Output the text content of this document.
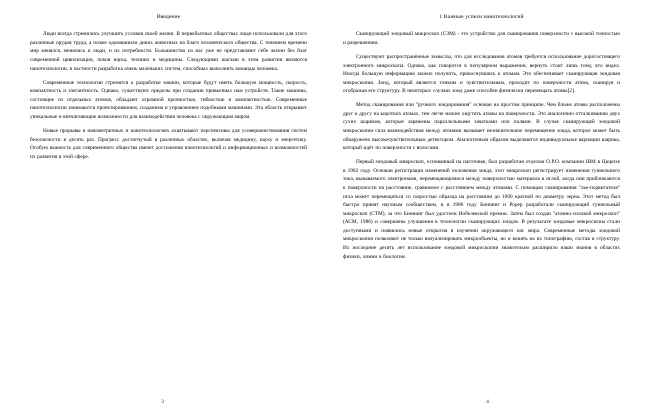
Введение

Люди всегда стремились улучшить условия своей жизни. В первобытных обществах люди использовали для этого различные орудия труда, а позже одомашнили диких животных на благо человеческого общества. С течением времени мир менялся, менялись и люди, и их потребности. Большинство из нас уже не представляют себе жизни без благ современной цивилизации, покоя наука, техники и медицины. Следующими шагами в этом развитии являются нанотехнологии, в частности разработка очень маленьких систем, способных выполнять команды человека.

Современные технологии стремятся к разработке машин, которые будут иметь большую мощность, скорость, компактность и элегантность. Однако, существуют пределы при создании привычных нам устройств. Такие машины, состоящие из отдельных атомов, обладают огромной прочностью, гибкостью и компактностью. Современные нанотехнологии занимаются проектированием, созданием и управлением подобными машинами. Эта область открывает уникальные и впечатляющие возможности для взаимодействия человека с окружающим миром.

Новые прорывы в нанометричных и нанотехнологиях охватывают перспективы для усовершенствования систем безопасности в десять раз. Прогресс достигнутый в различных областях, включая медицину, науку и энергетику. Особую важность для современного общества имеют достижения нанотехнологий и информационных и возможностей их развития в этой сфере.

3
1 Важные успехи нанотехнологий

Сканирующий зондовый микроскоп (СЗМ) - это устройство для сканирования поверхности с высокой точностью и разрешением.

Существуют распространённые замыслы, что для исследования атомов требуется использование дорогостоящего электронного микроскопа. Однако, как говорится в популярном выражении, вернуть стоит лишь тому, кто видел. Иногда большую информацию можно получить, прикоснувшись к атомам. Это обеспечивает сканирующая зондовая микроскопия. Зонд, который является тонким и чувствительным, проходит по поверхности атома, сканируя и отображая его структуру. В некоторых случаях зонд даже способен физически перемещать атомы[2].

Метод сканирования или "ручного зондирования" основан на простом принципе. Чем ближе атомы расположены друг к другу на коротких атомах, тем легче можно ощутить атомы на поверхности. Это аналогично отталкиванию двух сухих шариков, которые заряжены параллельными зачатками или полями. В случае сканирующей зондовой микроскопии сила взаимодействия между атомами вызывает незначительное перемещение зонда, которое может быть обнаружено высокочувствительным детектором. Аналогичным образом выделяются индивидуальное вариации шарика, который идёт по поверхности с волосами.

Первый зондовый микроскоп, основанный на наготовке, был разработан отделом О.Р.О. компании IBM в Цюрихе в 1982 году. Основан регистрации изменений положения зонда, этот микроскоп регистрирует изменения туннельного тока, вызываемого электронами, перемещающимися между поверхностью материала и иглой, когда они приближаются к поверхности на расстояние, сравнимое с расстоянием между атомами. С помощью сканирования "лье-подвигателя" игла может перемещаться со скоростью образца на расстоянии до 1000 кратной по диаметру зерна. Этот метод был быстро принят научным сообществом, и в 1986 году Биннинг и Рорер разработали сканирующий туннельный микроскоп (СТМ), за что Биннинг был удостоен Нобелевской премии. Затем был создан "атомно-силовой микроскоп" (АСМ, 1986) и совершены улучшения в технологии сканирующих зондов. В результате зондовые микроскопы стали доступными и появились новые открытия в изучении окружающего нас мира. Современные методы зондовой микроскопии позволяют не только визуализировать микрообъекты, но и влиять на их топографию, состав и структуру. Их последние десять лет использование зондовой микроскопии значительно расширило наши знания в областях физики, химии и биологии.

4
